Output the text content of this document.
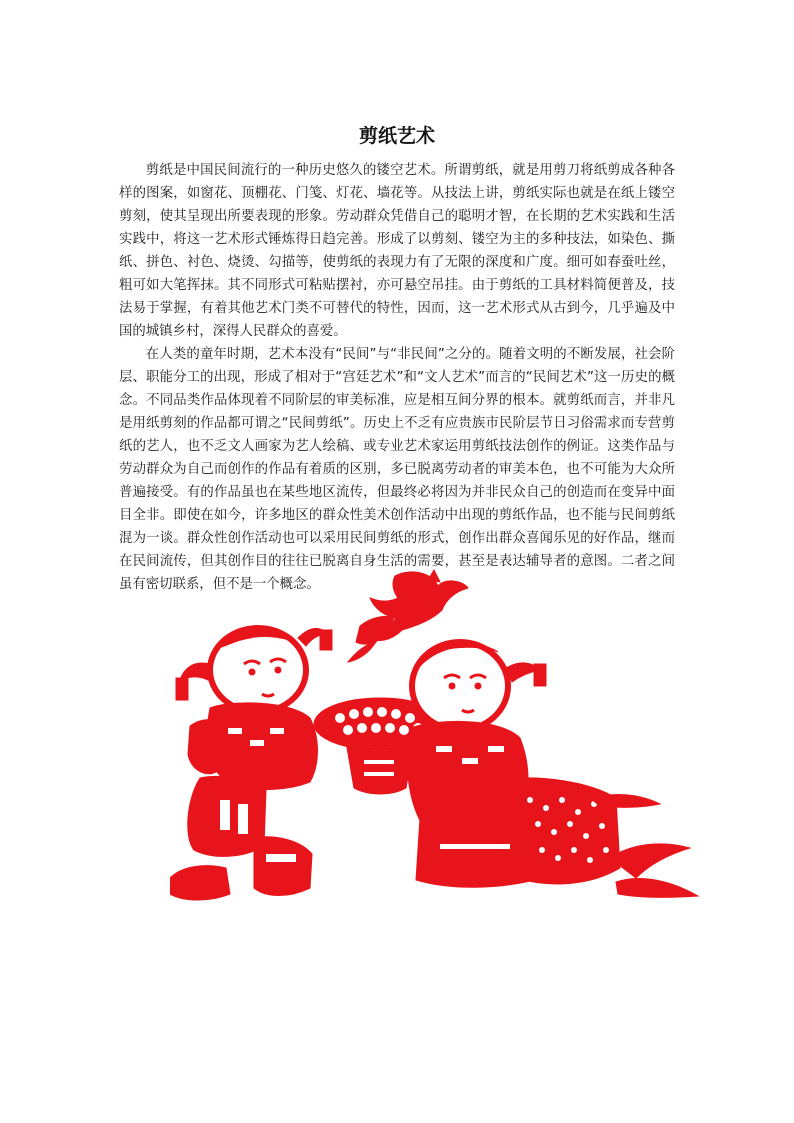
剪纸艺术

剪纸是中国民间流行的一种历史悠久的镂空艺术。所谓剪纸，就是用剪刀将纸剪成各种各样的图案，如窗花、顶棚花、门笺、灯花、墙花等。从技法上讲，剪纸实际也就是在纸上镂空剪刻，使其呈现出所要表现的形象。劳动群众凭借自己的聪明才智，在长期的艺术实践和生活实践中，将这一艺术形式锤炼得日趋完善。形成了以剪刻、镂空为主的多种技法，如染色、撕纸、拼色、衬色、烧烫、勾描等，使剪纸的表现力有了无限的深度和广度。细可如春蚕吐丝，粗可如大笔挥抹。其不同形式可粘贴摆衬，亦可悬空吊挂。由于剪纸的工具材料简便普及，技法易于掌握，有着其他艺术门类不可替代的特性，因而，这一艺术形式从古到今，几乎遍及中国的城镇乡村，深得人民群众的喜爱。

在人类的童年时期，艺术本没有“民间”与“非民间”之分的。随着文明的不断发展，社会阶层、职能分工的出现，形成了相对于“宫廷艺术”和“文人艺术”而言的“民间艺术”这一历史的概念。不同品类作品体现着不同阶层的审美标准，应是相互间分界的根本。就剪纸而言，并非凡是用纸剪刻的作品都可谓之“民间剪纸”。历史上不乏有应贵族市民阶层节日习俗需求而专营剪纸的艺人，也不乏文人画家为艺人绘稿、或专业艺术家运用剪纸技法创作的例证。这类作品与劳动群众为自己而创作的作品有着质的区别，多已脱离劳动者的审美本色，也不可能为大众所普遍接受。有的作品虽也在某些地区流传，但最终必将因为并非民众自己的创造而在变异中面目全非。即使在如今，许多地区的群众性美术创作活动中出现的剪纸作品，也不能与民间剪纸混为一谈。群众性创作活动也可以采用民间剪纸的形式，创作出群众喜闻乐见的好作品，继而在民间流传，但其创作目的往往已脱离自身生活的需要，甚至是表达辅导者的意图。二者之间虽有密切联系，但不是一个概念。
